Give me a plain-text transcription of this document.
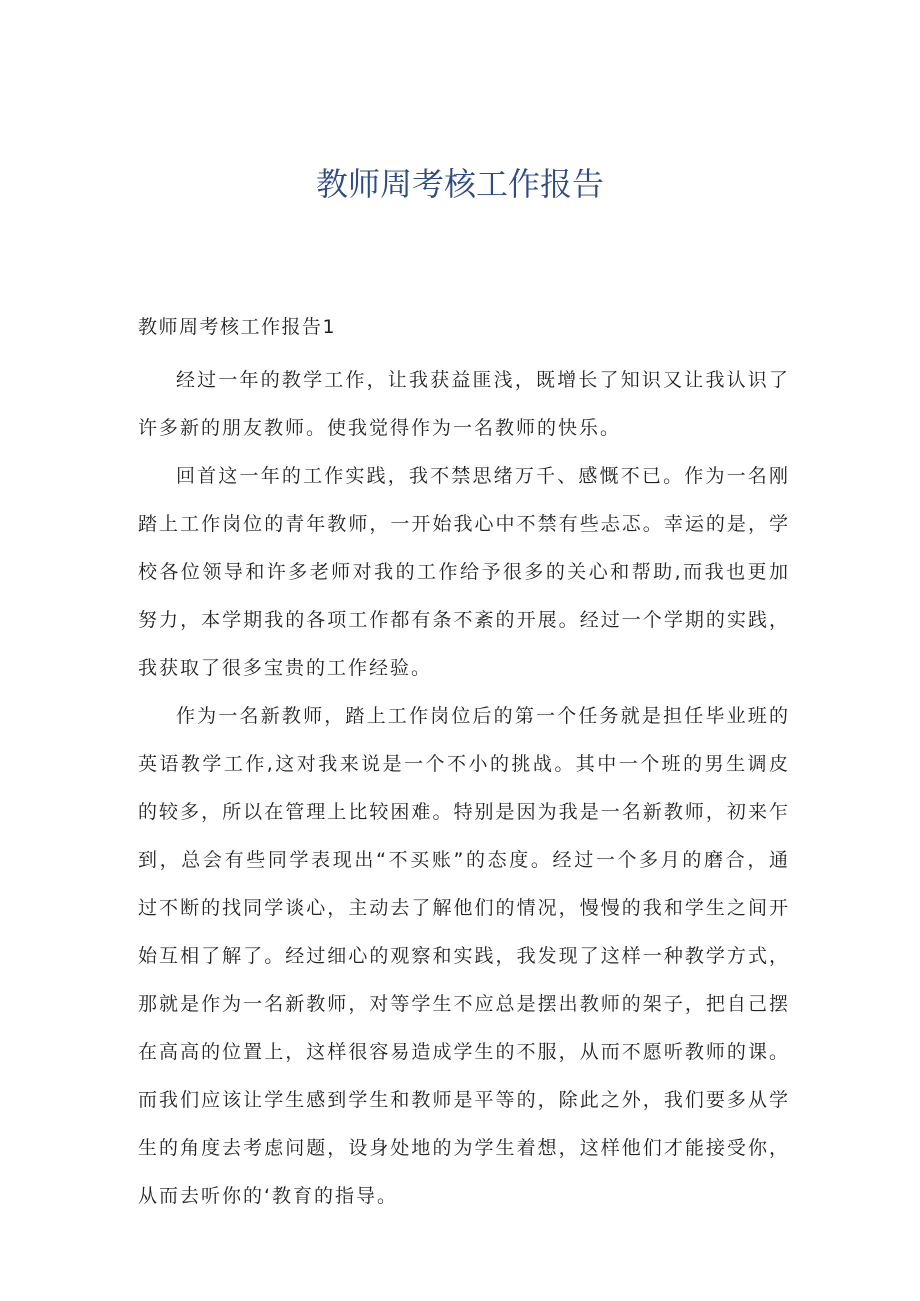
教师周考核工作报告

教师周考核工作报告1

经过一年的教学工作，让我获益匪浅，既增长了知识又让我认识了许多新的朋友教师。使我觉得作为一名教师的快乐。

回首这一年的工作实践，我不禁思绪万千、感慨不已。作为一名刚踏上工作岗位的青年教师，一开始我心中不禁有些忐忑。幸运的是，学校各位领导和许多老师对我的工作给予很多的关心和帮助,而我也更加努力，本学期我的各项工作都有条不紊的开展。经过一个学期的实践，我获取了很多宝贵的工作经验。

作为一名新教师，踏上工作岗位后的第一个任务就是担任毕业班的英语教学工作,这对我来说是一个不小的挑战。其中一个班的男生调皮的较多，所以在管理上比较困难。特别是因为我是一名新教师，初来乍到，总会有些同学表现出“不买账”的态度。经过一个多月的磨合，通过不断的找同学谈心，主动去了解他们的情况，慢慢的我和学生之间开始互相了解了。经过细心的观察和实践，我发现了这样一种教学方式，那就是作为一名新教师，对等学生不应总是摆出教师的架子，把自己摆在高高的位置上，这样很容易造成学生的不服，从而不愿听教师的课。而我们应该让学生感到学生和教师是平等的，除此之外，我们要多从学生的角度去考虑问题，设身处地的为学生着想，这样他们才能接受你，从而去听你的‘教育的指导。
